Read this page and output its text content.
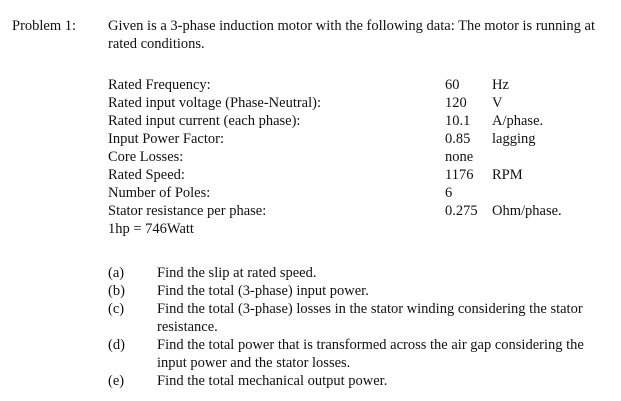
Problem 1: Given is a 3-phase induction motor with the following data: The motor is running at rated conditions.
Rated Frequency:	60 Hz
Rated input voltage (Phase-Neutral):	120 V
Rated input current (each phase):	10.1 A/phase.
Input Power Factor:	0.85 lagging
Core Losses:	none
Rated Speed:	1176 RPM
Number of Poles:	6
Stator resistance per phase:	0.275 Ohm/phase.
1hp = 746Watt
(a) Find the slip at rated speed.
(b) Find the total (3-phase) input power.
(c) Find the total (3-phase) losses in the stator winding considering the stator resistance.
(d) Find the total power that is transformed across the air gap considering the input power and the stator losses.
(e) Find the total mechanical output power.
